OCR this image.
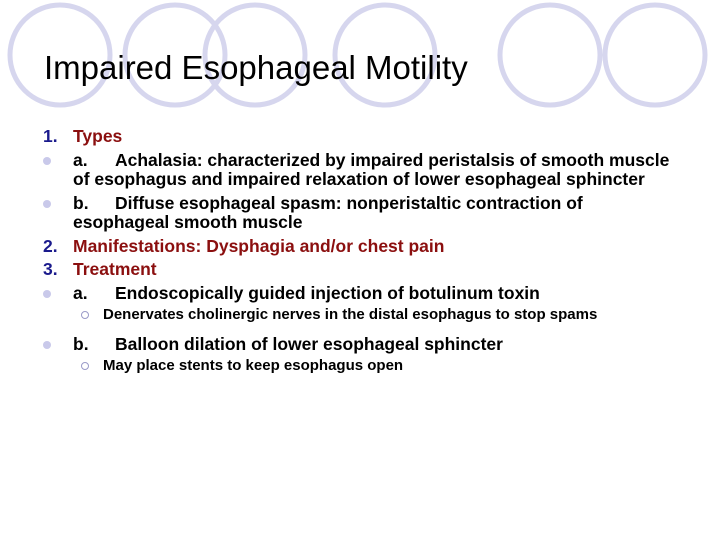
Impaired Esophageal Motility
1. Types
a. Achalasia: characterized by impaired peristalsis of smooth muscle of esophagus and impaired relaxation of lower esophageal sphincter
b. Diffuse esophageal spasm: nonperistaltic contraction of esophageal smooth muscle
2. Manifestations: Dysphagia and/or chest pain
3. Treatment
a. Endoscopically guided injection of botulinum toxin
Denervates cholinergic nerves in the distal esophagus to stop spams
b. Balloon dilation of lower esophageal sphincter
May place stents to keep esophagus open
